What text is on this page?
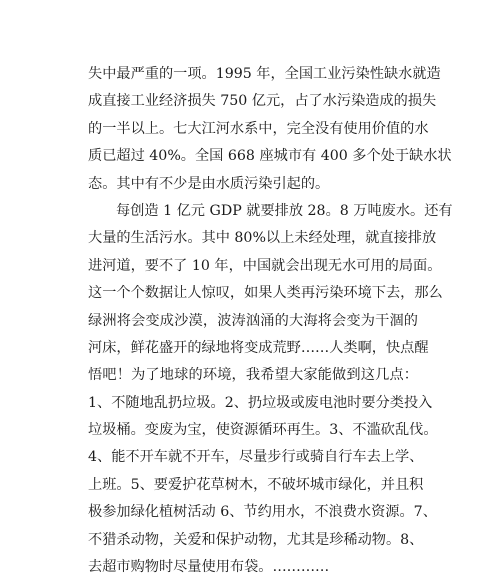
失中最严重的一项。1995 年，全国工业污染性缺水就造
成直接工业经济损失 750 亿元，占了水污染造成的损失
的一半以上。七大江河水系中，完全没有使用价值的水
质已超过 40%。全国 668 座城市有 400 多个处于缺水状
态。其中有不少是由水质污染引起的。
每创造 1 亿元 GDP 就要排放 28。8 万吨废水。还有
大量的生活污水。其中 80%以上未经处理，就直接排放
进河道，要不了 10 年，中国就会出现无水可用的局面。
这一个个数据让人惊叹，如果人类再污染环境下去，那么
绿洲将会变成沙漠，波涛汹涌的大海将会变为干涸的
河床，鲜花盛开的绿地将变成荒野……人类啊，快点醒
悟吧！为了地球的环境，我希望大家能做到这几点：
1、不随地乱扔垃圾。2、扔垃圾或废电池时要分类投入
垃圾桶。变废为宝，使资源循环再生。3、不滥砍乱伐。
4、能不开车就不开车，尽量步行或骑自行车去上学、
上班。5、要爱护花草树木，不破坏城市绿化，并且积
极参加绿化植树活动 6、节约用水，不浪费水资源。7、
不猎杀动物，关爱和保护动物，尤其是珍稀动物。8、
去超市购物时尽量使用布袋。…………
